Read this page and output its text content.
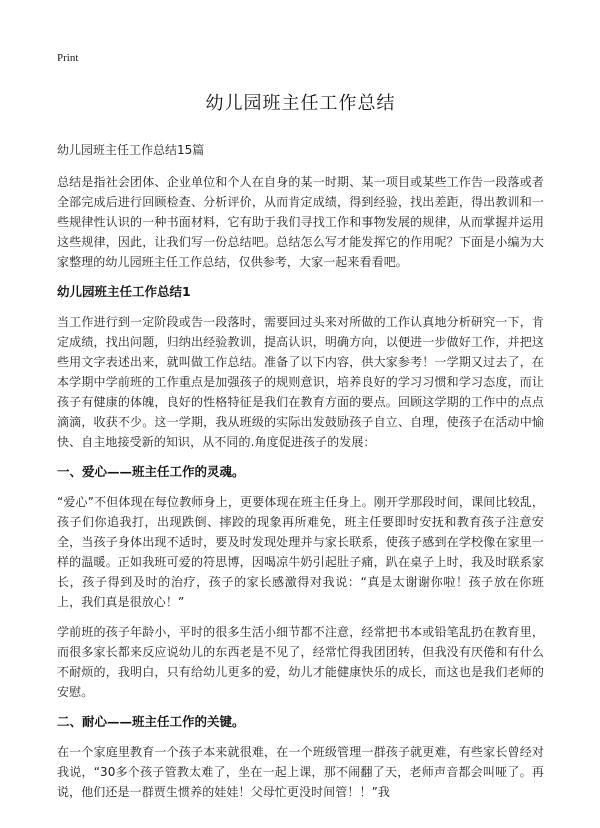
Print
幼儿园班主任工作总结
幼儿园班主任工作总结15篇

总结是指社会团体、企业单位和个人在自身的某一时期、某一项目或某些工作告一段落或者全部完成后进行回顾检查、分析评价，从而肯定成绩，得到经验，找出差距，得出教训和一些规律性认识的一种书面材料，它有助于我们寻找工作和事物发展的规律，从而掌握并运用这些规律，因此，让我们写一份总结吧。总结怎么写才能发挥它的作用呢？下面是小编为大家整理的幼儿园班主任工作总结，仅供参考，大家一起来看看吧。

幼儿园班主任工作总结1

当工作进行到一定阶段或告一段落时，需要回过头来对所做的工作认真地分析研究一下，肯定成绩，找出问题，归纳出经验教训，提高认识，明确方向，以便进一步做好工作，并把这些用文字表述出来，就叫做工作总结。准备了以下内容，供大家参考！一学期又过去了，在本学期中学前班的工作重点是加强孩子的规则意识，培养良好的学习习惯和学习态度，而让孩子有健康的体魄，良好的性格特征是我们在教育方面的要点。回顾这学期的工作中的点点滴滴，收获不少。这一学期，我从班级的实际出发鼓励孩子自立、自理，使孩子在活动中愉快、自主地接受新的知识，从不同的.角度促进孩子的发展：

一、爱心——班主任工作的灵魂。

“爱心”不但体现在每位教师身上，更要体现在班主任身上。刚开学那段时间，课间比较乱，孩子们你追我打，出现跌倒、摔跤的现象再所难免，班主任要即时安抚和教育孩子注意安全，当孩子身体出现不适时，要及时发现处理并与家长联系，使孩子感到在学校像在家里一样的温暖。正如我班可爱的符思博，因喝凉牛奶引起肚子痛，趴在桌子上时，我及时联系家长，孩子得到及时的治疗，孩子的家长感激得对我说：“真是太谢谢你啦！孩子放在你班上，我们真是很放心！”

学前班的孩子年龄小，平时的很多生活小细节都不注意，经常把书本或铅笔乱扔在教育里，而很多家长都来反应说幼儿的东西老是不见了，经常忙得我团团转，但我没有厌倦和有什么不耐烦的，我明白，只有给幼儿更多的爱，幼儿才能健康快乐的成长，而这也是我们老师的安慰。

二、耐心——班主任工作的关键。

在一个家庭里教育一个孩子本来就很难，在一个班级管理一群孩子就更难，有些家长曾经对我说，“30多个孩子管教太难了，坐在一起上课，那不闹翻了天，老师声音都会叫哑了。再说，他们还是一群贾生惯养的娃娃！父母忙更没时间管！！”我
